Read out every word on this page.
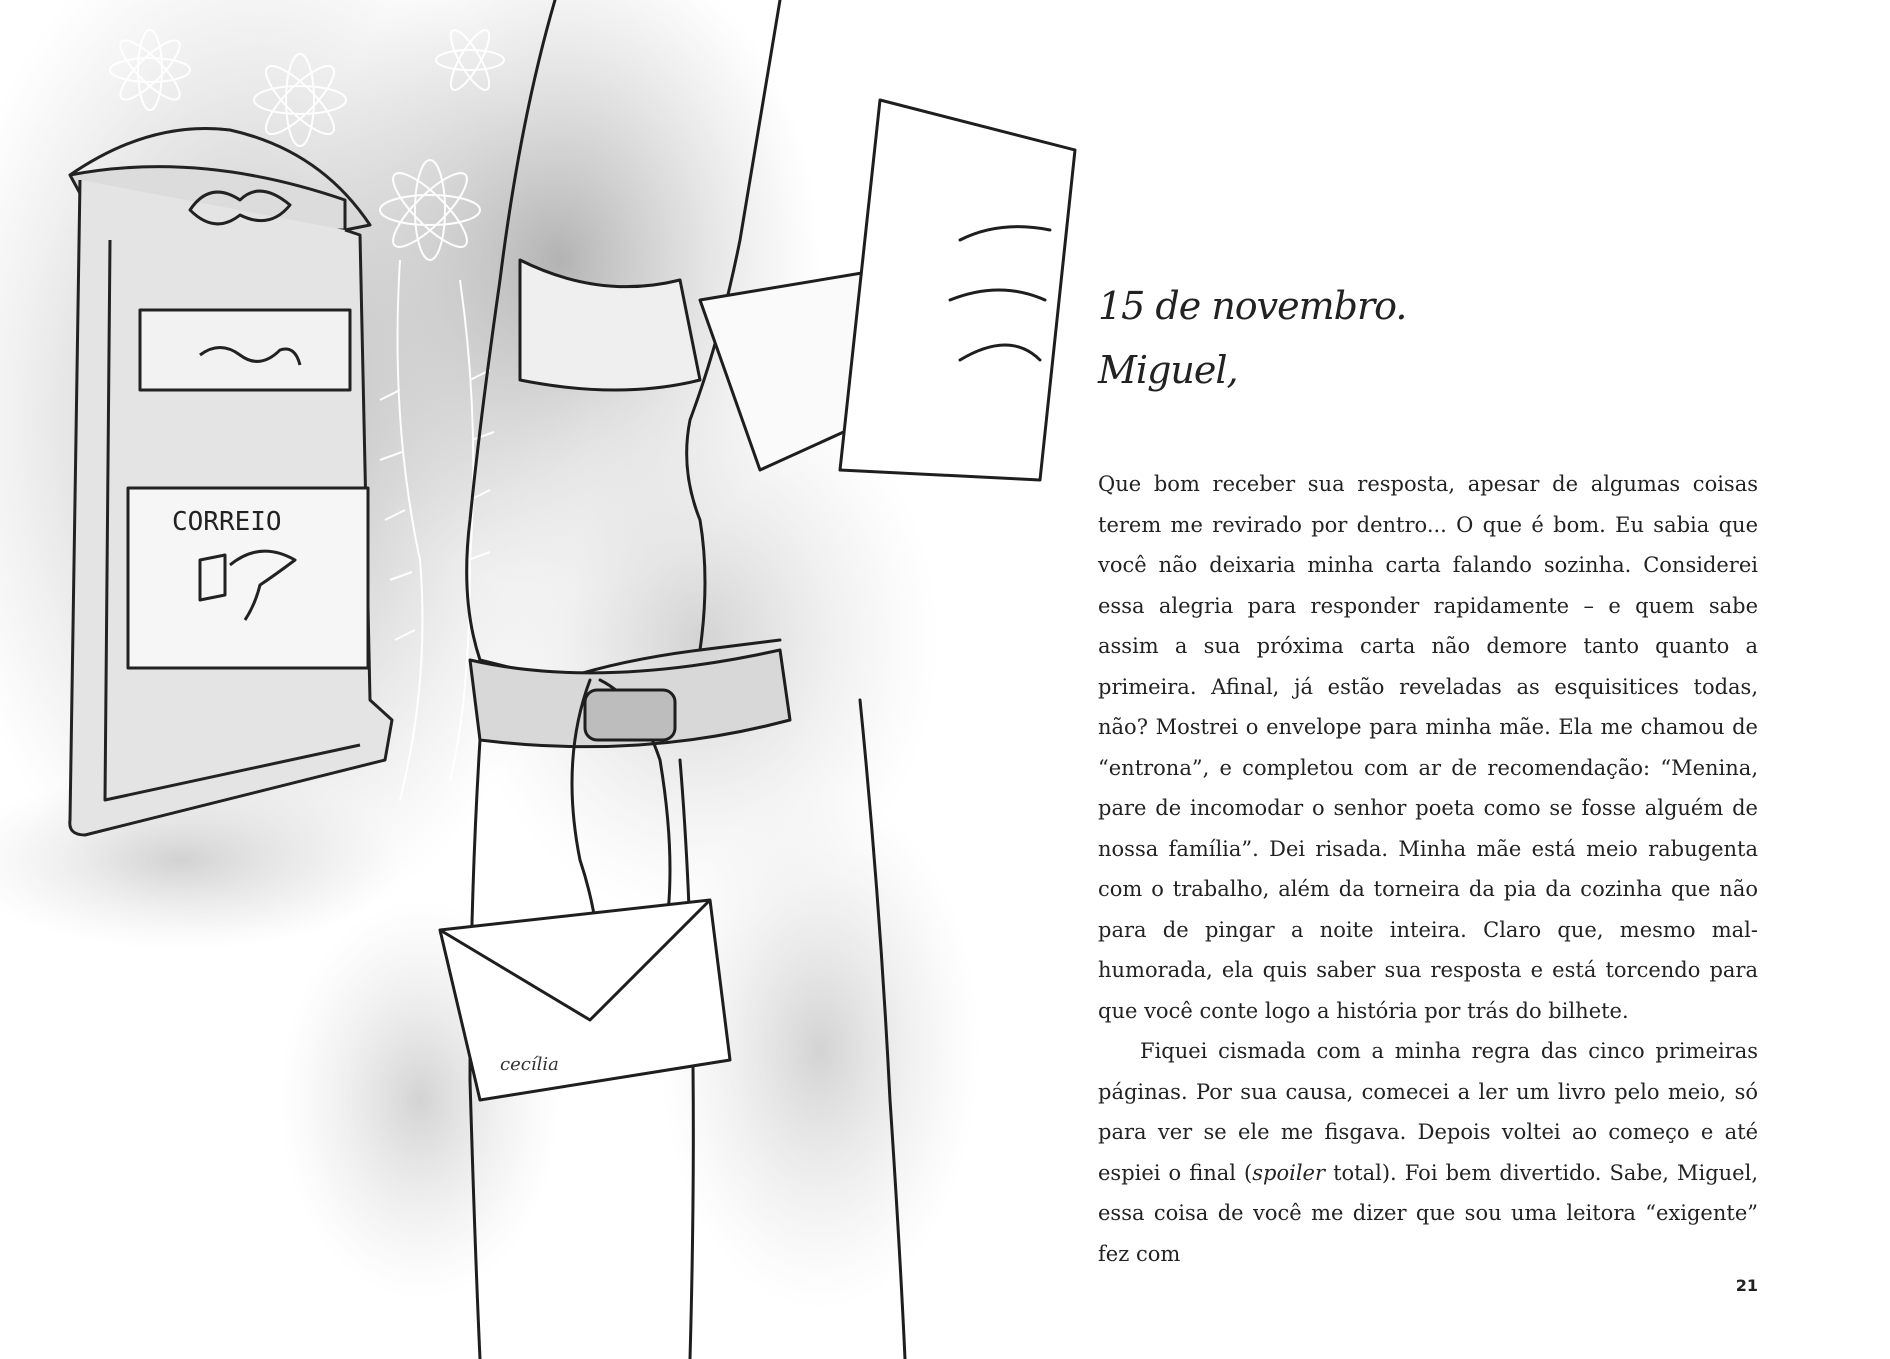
CORREIO
cecília
15 de novembro.
Miguel,

Que bom receber sua resposta, apesar de algumas coisas terem me revirado por dentro... O que é bom. Eu sabia que você não deixaria minha carta falando sozinha. Considerei essa alegria para responder rapidamente – e quem sabe assim a sua próxima carta não demore tanto quanto a primeira. Afinal, já estão reveladas as esquisitices todas, não? Mostrei o envelope para minha mãe. Ela me chamou de “entrona”, e completou com ar de recomendação: “Menina, pare de incomodar o senhor poeta como se fosse alguém de nossa família”. Dei risada. Minha mãe está meio rabugenta com o trabalho, além da torneira da pia da cozinha que não para de pingar a noite inteira. Claro que, mesmo mal-humorada, ela quis saber sua resposta e está torcendo para que você conte logo a história por trás do bilhete.

Fiquei cismada com a minha regra das cinco primeiras páginas. Por sua causa, comecei a ler um livro pelo meio, só para ver se ele me fisgava. Depois voltei ao começo e até espiei o final (spoiler total). Foi bem divertido. Sabe, Miguel, essa coisa de você me dizer que sou uma leitora “exigente” fez com

21
